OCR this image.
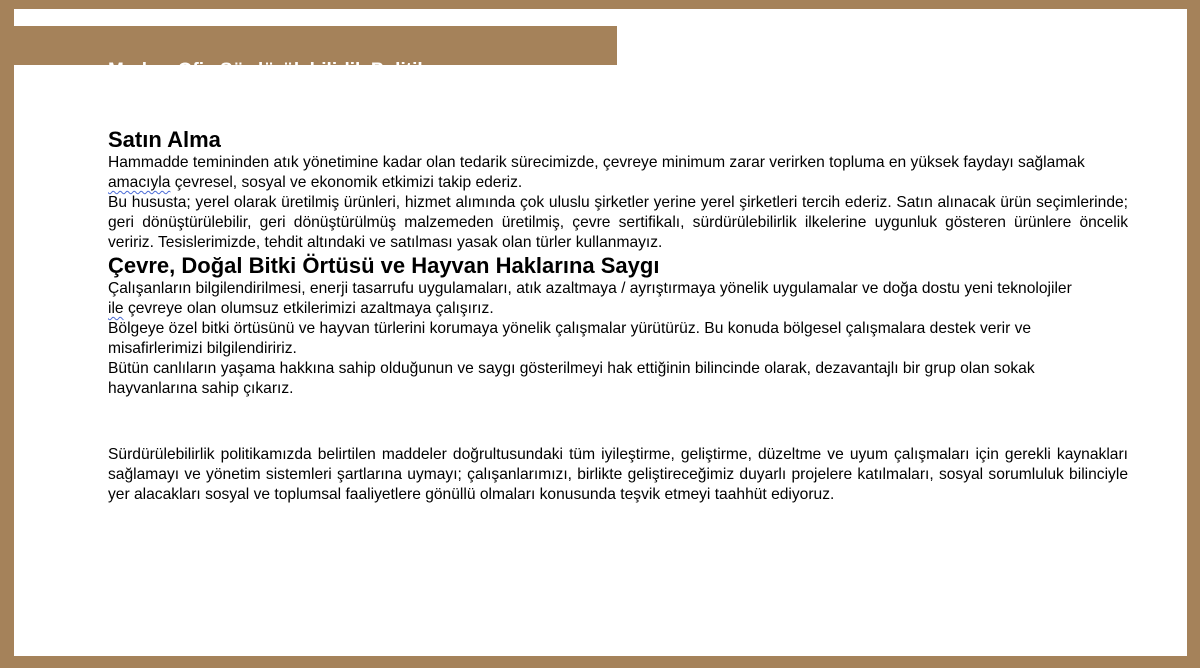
Merkez Ofis Sürdürülebilirlik Politikası
Satın Alma

Hammadde temininden atık yönetimine kadar olan tedarik sürecimizde, çevreye minimum zarar verirken topluma en yüksek faydayı sağlamak

amacıyla çevresel, sosyal ve ekonomik etkimizi takip ederiz.

Bu hususta; yerel olarak üretilmiş ürünleri, hizmet alımında çok uluslu şirketler yerine yerel şirketleri tercih ederiz. Satın alınacak ürün seçimlerinde; geri dönüştürülebilir, geri dönüştürülmüş malzemeden üretilmiş, çevre sertifikalı, sürdürülebilirlik ilkelerine uygunluk gösteren ürünlere öncelik veririz. Tesislerimizde, tehdit altındaki ve satılması yasak olan türler kullanmayız.

Çevre, Doğal Bitki Örtüsü ve Hayvan Haklarına Saygı

Çalışanların bilgilendirilmesi, enerji tasarrufu uygulamaları, atık azaltmaya / ayrıştırmaya yönelik uygulamalar ve doğa dostu yeni teknolojiler

ile çevreye olan olumsuz etkilerimizi azaltmaya çalışırız.

Bölgeye özel bitki örtüsünü ve hayvan türlerini korumaya yönelik çalışmalar yürütürüz. Bu konuda bölgesel çalışmalara destek verir ve misafirlerimizi bilgilendiririz.

Bütün canlıların yaşama hakkına sahip olduğunun ve saygı gösterilmeyi hak ettiğinin bilincinde olarak, dezavantajlı bir grup olan sokak hayvanlarına sahip çıkarız.

Sürdürülebilirlik politikamızda belirtilen maddeler doğrultusundaki tüm iyileştirme, geliştirme, düzeltme ve uyum çalışmaları için gerekli kaynakları sağlamayı ve yönetim sistemleri şartlarına uymayı; çalışanlarımızı, birlikte geliştireceğimiz duyarlı projelere katılmaları, sosyal sorumluluk bilinciyle yer alacakları sosyal ve toplumsal faaliyetlere gönüllü olmaları konusunda teşvik etmeyi taahhüt ediyoruz.
